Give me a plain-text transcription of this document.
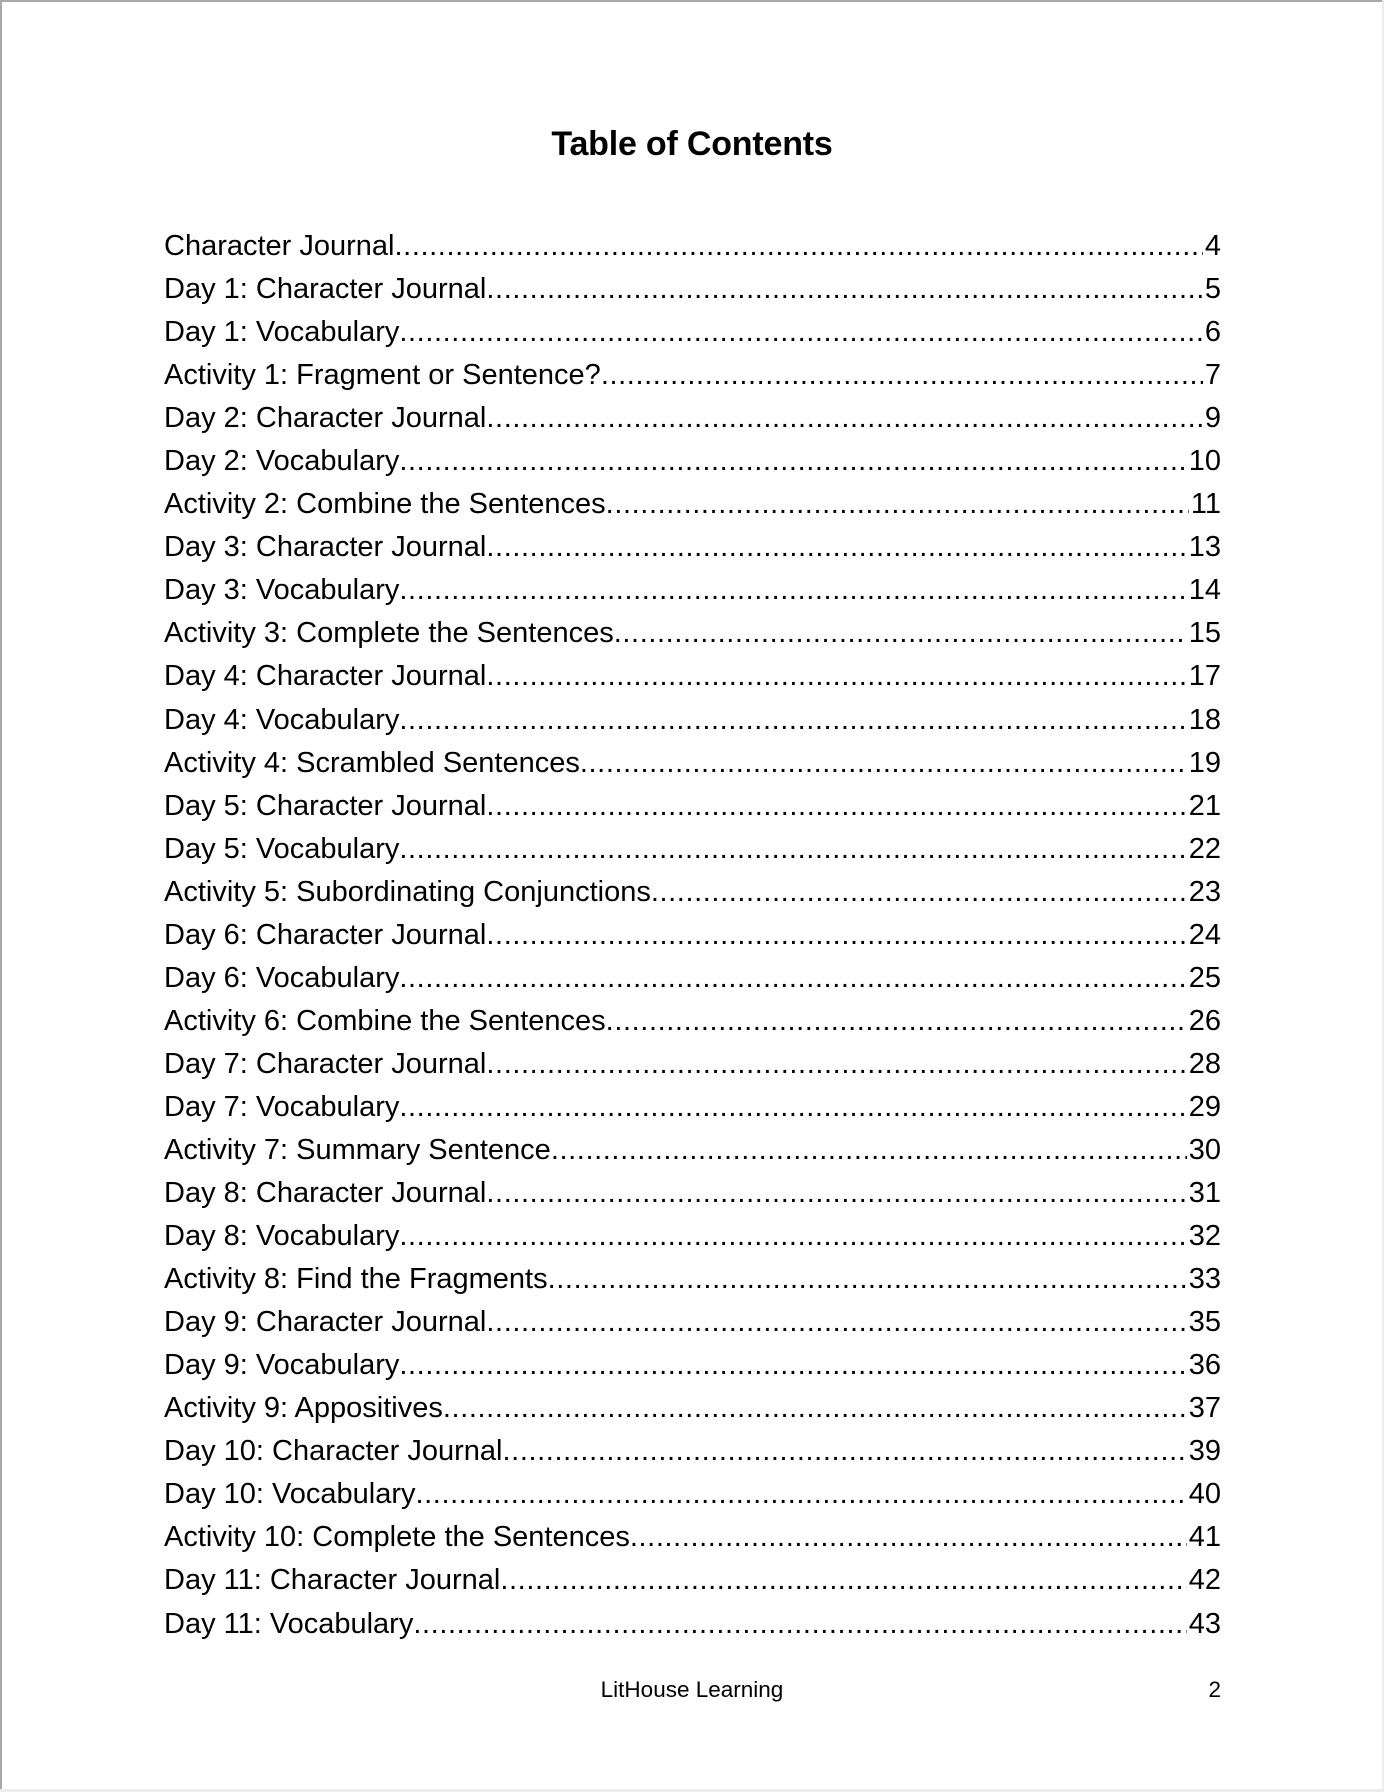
Table of Contents
Character Journal .....	4
Day 1: Character Journal .....	5
Day 1: Vocabulary .....	6
Activity 1: Fragment or Sentence? .....	7
Day 2: Character Journal .....	9
Day 2: Vocabulary .....	10
Activity 2: Combine the Sentences .....	11
Day 3: Character Journal .....	13
Day 3: Vocabulary .....	14
Activity 3: Complete the Sentences .....	15
Day 4: Character Journal .....	17
Day 4: Vocabulary .....	18
Activity 4: Scrambled Sentences .....	19
Day 5: Character Journal .....	21
Day 5: Vocabulary .....	22
Activity 5: Subordinating Conjunctions .....	23
Day 6: Character Journal .....	24
Day 6: Vocabulary .....	25
Activity 6: Combine the Sentences .....	26
Day 7: Character Journal .....	28
Day 7: Vocabulary .....	29
Activity 7: Summary Sentence .....	30
Day 8: Character Journal .....	31
Day 8: Vocabulary .....	32
Activity 8: Find the Fragments .....	33
Day 9: Character Journal .....	35
Day 9: Vocabulary .....	36
Activity 9: Appositives .....	37
Day 10: Character Journal .....	39
Day 10: Vocabulary .....	40
Activity 10: Complete the Sentences .....	41
Day 11: Character Journal .....	42
Day 11: Vocabulary .....	43
LitHouse Learning	2
